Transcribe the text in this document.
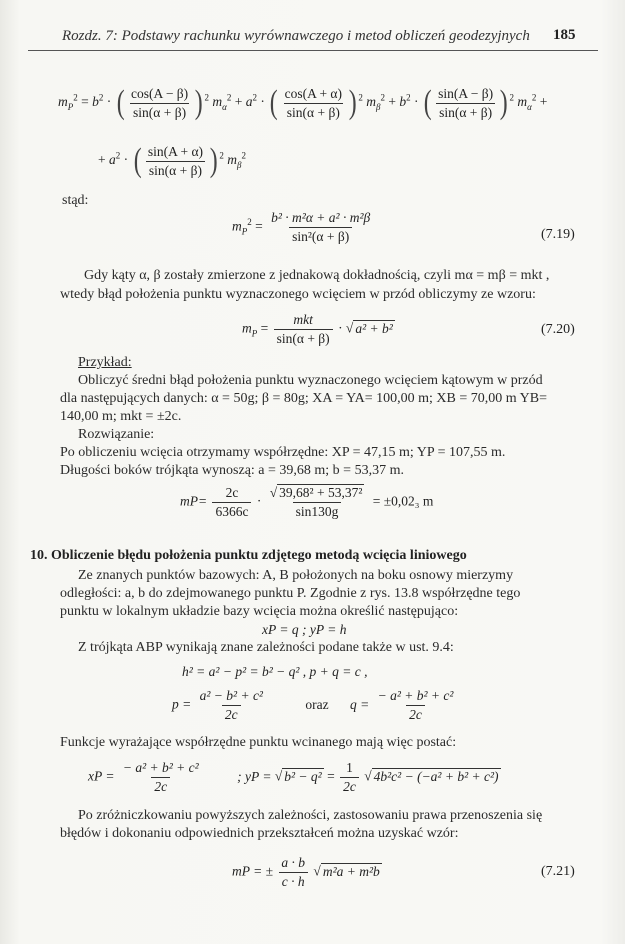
Rozdz. 7: Podstawy rachunku wyrównawczego i metod obliczeń geodezyjnych 185
$m_P^2 = b^2$ · ( $\frac{\cos(A - \beta)}{\sin(\alpha + \beta)}$ ) $^2$ $m_\alpha^2 + a^2$ · ( $\frac{\cos(A + \alpha)}{\sin(\alpha + \beta)}$ ) $^2$ $m_\beta^2 + b^2$ · ( $\frac{\sin(A - \beta)}{\sin(\alpha + \beta)}$ ) $^2$ $m_\alpha^2$ +
+ $a^2$ · ( $\frac{\sin(A + \alpha)}{\sin(\alpha + \beta)}$ ) $^2$ $m_\beta^2$
stąd:
$m_P^2 = \frac{\text{b² · m²α + a² · m²β}}{\text{sin²(α + β)}}$	(7.19)
Gdy kąty α, β zostały zmierzone z jednakową dokładnością, czyli mα = mβ = mkt ,
wtedy błąd położenia punktu wyznaczonego wcięciem w przód obliczymy ze wzoru:
$m_P = \frac{\text{mkt}}{\sin(\alpha + \beta)}$ · √ a² + b²	(7.20)
Przykład:
Obliczyć średni błąd położenia punktu wyznaczonego wcięciem kątowym w przód
dla następujących danych: α = 50g; β = 80g; XA = YA= 100,00 m; XB = 70,00 m YB=
140,00 m; mkt = ±2c.
Rozwiązanie:
Po obliczeniu wcięcia otrzymamy współrzędne: XP = 47,15 m; YP = 107,55 m.
Długości boków trójkąta wynoszą: a = 39,68 m; b = 53,37 m.
$mP= \frac{2c}{6366c} \cdot \frac{\text{√ 39,68² + 53,37²}}{\sin 130g} = \pm 0,02_3$ m
10. Obliczenie błędu położenia punktu zdjętego metodą wcięcia liniowego
Ze znanych punktów bazowych: A, B położonych na boku osnowy mierzymy
odległości: a, b do zdejmowanego punktu P. Zgodnie z rys. 13.8 współrzędne tego
punktu w lokalnym układzie bazy wcięcia można określić następująco:
xP = q ; yP = h
Z trójkąta ABP wynikają znane zależności podane także w ust. 9.4:
h² = a² − p² = b² − q² , p + q = c ,
$p = \frac{\text{a² − b² + c²}}{2c}$	oraz $q = \frac{\text{− a² + b² + c²}}{2c}$
Funkcje wyrażające współrzędne punktu wcinanego mają więc postać:
xP = $\frac{\text{− a² + b² + c²}}{2c}$	; yP = √ $b^2 - q^2 = \frac{1}{2c}$ √ 4b²c² − (−a² + b² + c²)
Po zróżniczkowaniu powyższych zależności, zastosowaniu prawa przenoszenia się
błędów i dokonaniu odpowiednich przekształceń można uzyskać wzór:
mP = ± $\frac{a \cdot b}{c \cdot h}$ √ m²a + m²b	(7.21)
